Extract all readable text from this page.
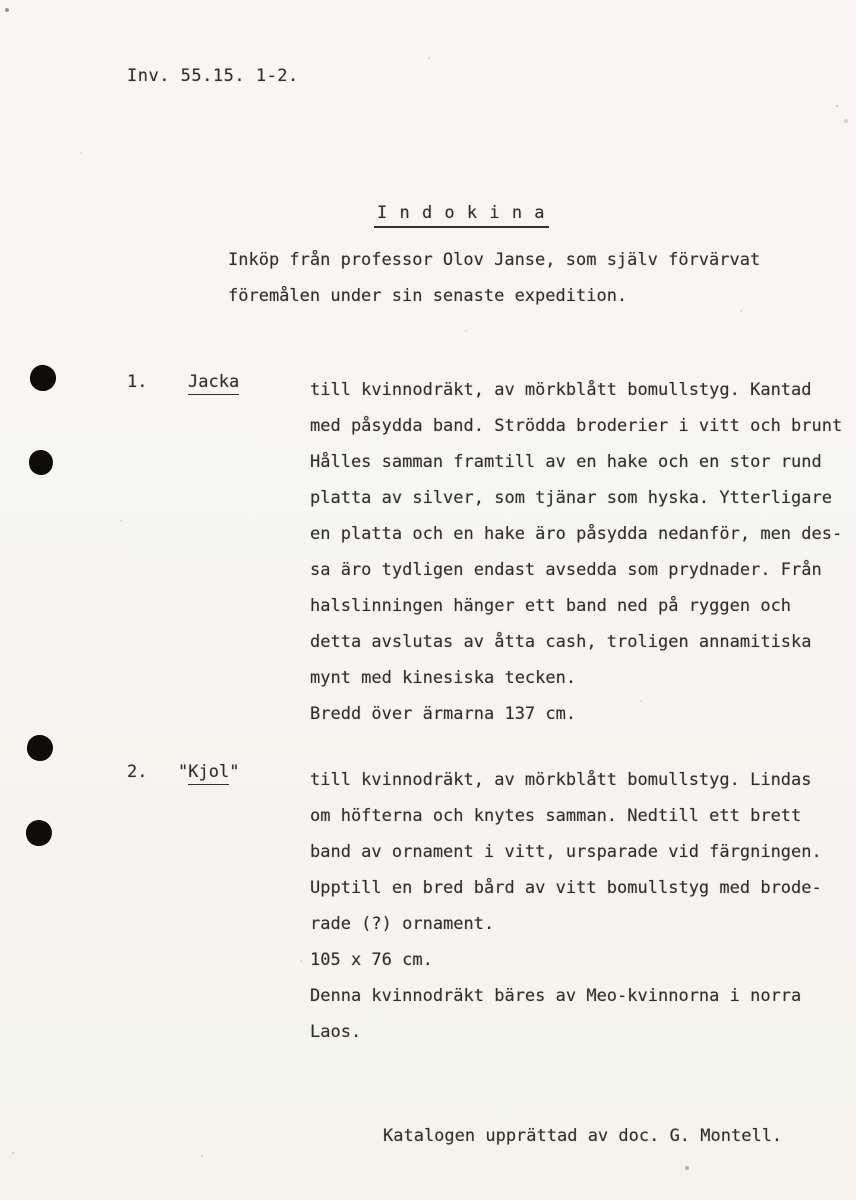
Inv. 55.15. 1-2.
I n d o k i n a
Inköp från professor Olov Janse, som själv förvärvat
föremålen under sin senaste expedition.
1. Jacka	till kvinnodräkt, av mörkblått bomullstyg. Kantad
med påsydda band. Strödda broderier i vitt och brunt
Hålles samman framtill av en hake och en stor rund
platta av silver, som tjänar som hyska. Ytterligare
en platta och en hake äro påsydda nedanför, men des-
sa äro tydligen endast avsedda som prydnader. Från
halslinningen hänger ett band ned på ryggen och
detta avslutas av åtta cash, troligen annamitiska
mynt med kinesiska tecken.
Bredd över ärmarna 137 cm.
2. "Kjol"	till kvinnodräkt, av mörkblått bomullstyg. Lindas
om höfterna och knytes samman. Nedtill ett brett
band av ornament i vitt, ursparade vid färgningen.
Upptill en bred bård av vitt bomullstyg med brode-
rade (?) ornament.
105 x 76 cm.
Denna kvinnodräkt bäres av Meo-kvinnorna i norra
Laos.
Katalogen upprättad av doc. G. Montell.
